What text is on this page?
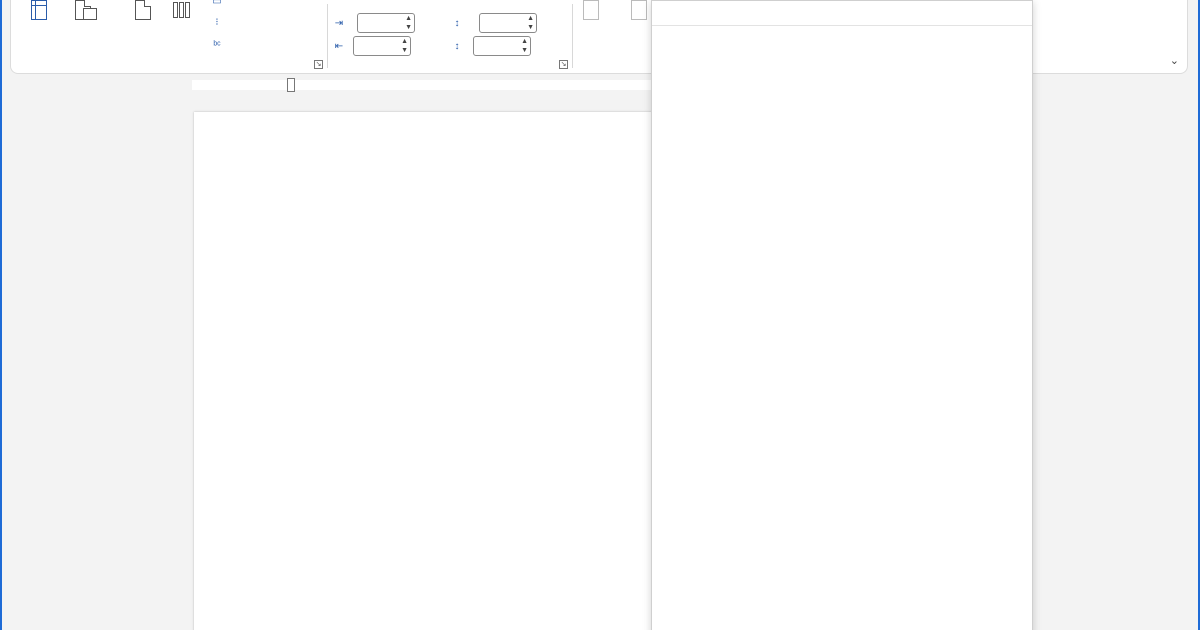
▭
⁝
ᵇᶜ
↘
⇥	▲
▼
⇤	▲
▼
↕	▲
▼
↕	▲
▼
↘	⌄
